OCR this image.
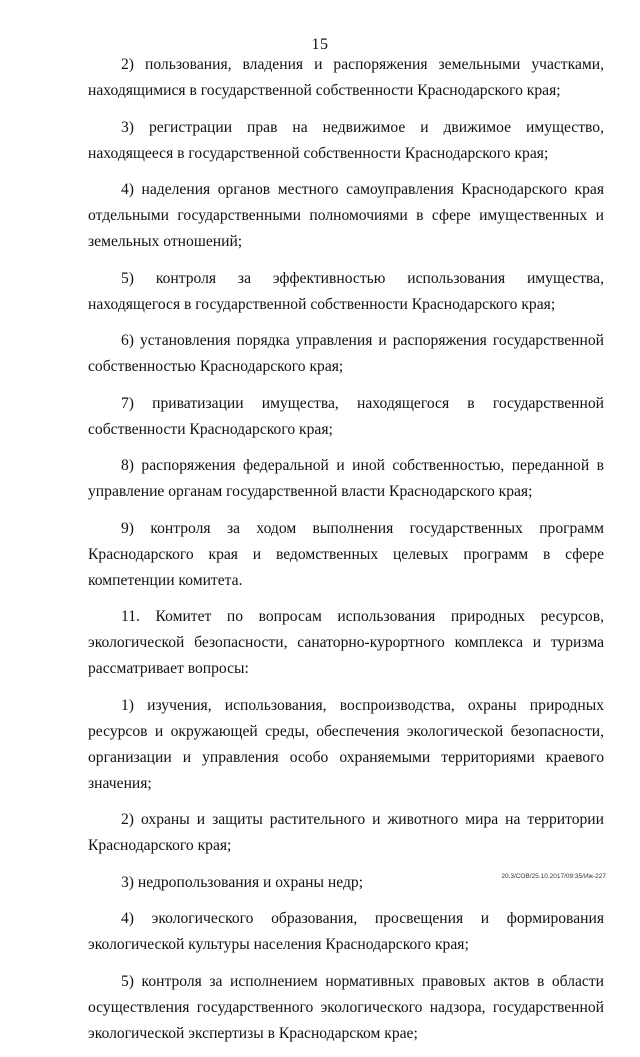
15

2) пользования, владения и распоряжения земельными участками, находящимися в государственной собственности Краснодарского края;

3) регистрации прав на недвижимое и движимое имущество, находящееся в государственной собственности Краснодарского края;

4) наделения органов местного самоуправления Краснодарского края отдельными государственными полномочиями в сфере имущественных и земельных отношений;

5) контроля за эффективностью использования имущества, находящегося в государственной собственности Краснодарского края;

6) установления порядка управления и распоряжения государственной собственностью Краснодарского края;

7) приватизации имущества, находящегося в государственной собственности Краснодарского края;

8) распоряжения федеральной и иной собственностью, переданной в управление органам государственной власти Краснодарского края;

9) контроля за ходом выполнения государственных программ Краснодарского края и ведомственных целевых программ в сфере компетенции комитета.

11. Комитет по вопросам использования природных ресурсов, экологической безопасности, санаторно-курортного комплекса и туризма рассматривает вопросы:

1) изучения, использования, воспроизводства, охраны природных ресурсов и окружающей среды, обеспечения экологической безопасности, организации и управления особо охраняемыми территориями краевого значения;

2) охраны и защиты растительного и животного мира на территории Краснодарского края;

3) недропользования и охраны недр;

4) экологического образования, просвещения и формирования экологической культуры населения Краснодарского края;

5) контроля за исполнением нормативных правовых актов в области осуществления государственного экологического надзора, государственной экологической экспертизы в Краснодарском крае;

20.3/СОВ/25.10.2017/09:35/Иж-227
